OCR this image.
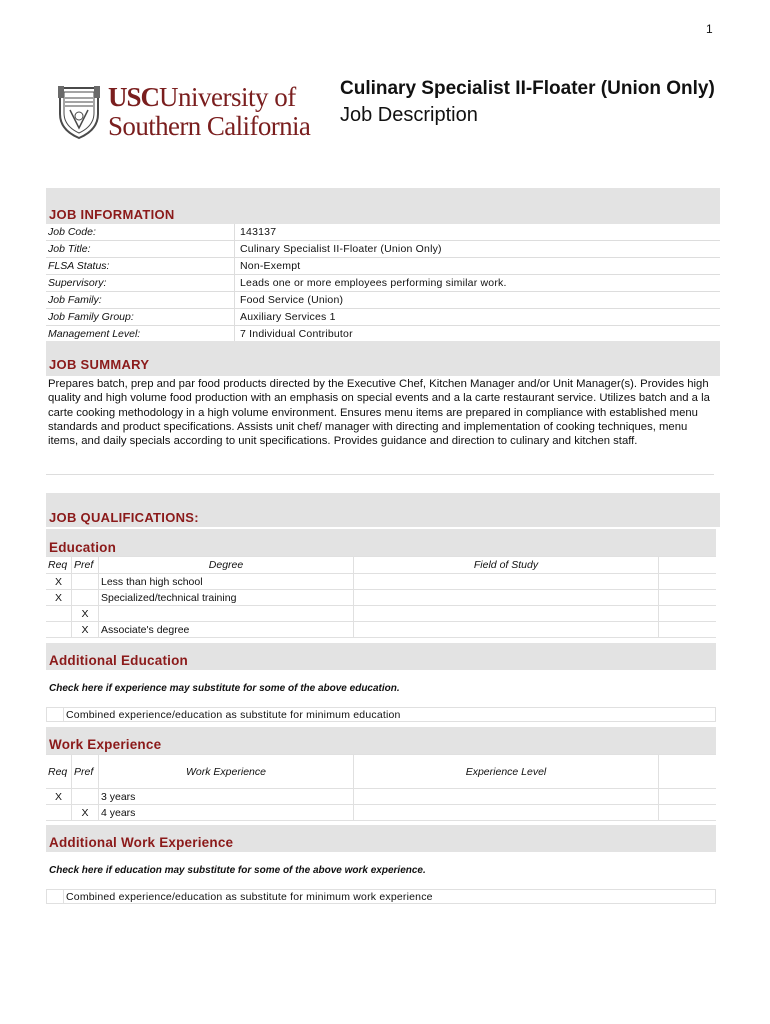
1
USCUniversity of
Southern California
Culinary Specialist II-Floater (Union Only)
Job Description
JOB INFORMATION
Job Code:	143137
Job Title:	Culinary Specialist II-Floater (Union Only)
FLSA Status:	Non-Exempt
Supervisory:	Leads one or more employees performing similar work.
Job Family:	Food Service (Union)
Job Family Group:	Auxiliary Services 1
Management Level:	7 Individual Contributor
JOB SUMMARY
Prepares batch, prep and par food products directed by the Executive Chef, Kitchen Manager and/or Unit Manager(s). Provides high quality and high volume food production with an emphasis on special events and a la carte restaurant service. Utilizes batch and a la carte cooking methodology in a high volume environment. Ensures menu items are prepared in compliance with established menu standards and product specifications. Assists unit chef/ manager with directing and implementation of cooking techniques, menu items, and daily specials according to unit specifications. Provides guidance and direction to culinary and kitchen staff.
JOB QUALIFICATIONS:
Education
Req	Pref	Degree	Field of Study	
X		Less than high school		
X		Specialized/technical training		
	X			
	X	Associate's degree		
Additional Education
Check here if experience may substitute for some of the above education.
Combined experience/education as substitute for minimum education
Work Experience
Req	Pref	Work Experience	Experience Level	
X		3 years		
	X	4 years		
Additional Work Experience
Check here if education may substitute for some of the above work experience.
Combined experience/education as substitute for minimum work experience
